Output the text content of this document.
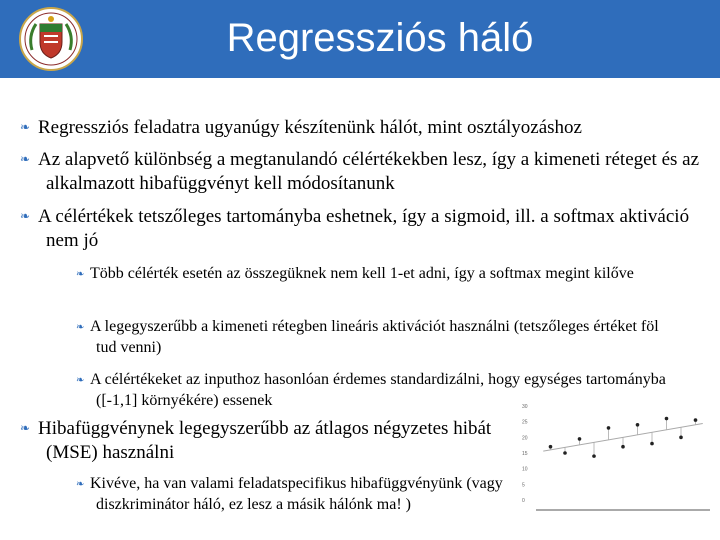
Regressziós háló
❧ Regressziós feladatra ugyanúgy készítenünk hálót, mint osztályozáshoz
❧ Az alapvető különbség a megtanulandó célértékekben lesz, így a kimeneti réteget és az alkalmazott hibafüggvényt kell módosítanunk
❧ A célértékek tetszőleges tartományba eshetnek, így a sigmoid, ill. a softmax aktiváció nem jó
❧ Több célérték esetén az összegüknek nem kell 1-et adni, így a softmax megint kilőve
❧ A legegyszerűbb a kimeneti rétegben lineáris aktivációt használni (tetszőleges értéket föl tud venni)
❧ A célértékeket az inputhoz hasonlóan érdemes standardizálni, hogy egységes tartományba ([-1,1] környékére) essenek
❧ Hibafüggvénynek legegyszerűbb az átlagos négyzetes hibát (MSE) használni
❧ Kivéve, ha van valami feladatspecifikus hibafüggvényünk (vagy diszkriminátor háló, ez lesz a másik hálónk ma! )
30
25
20
15
10
5
0
